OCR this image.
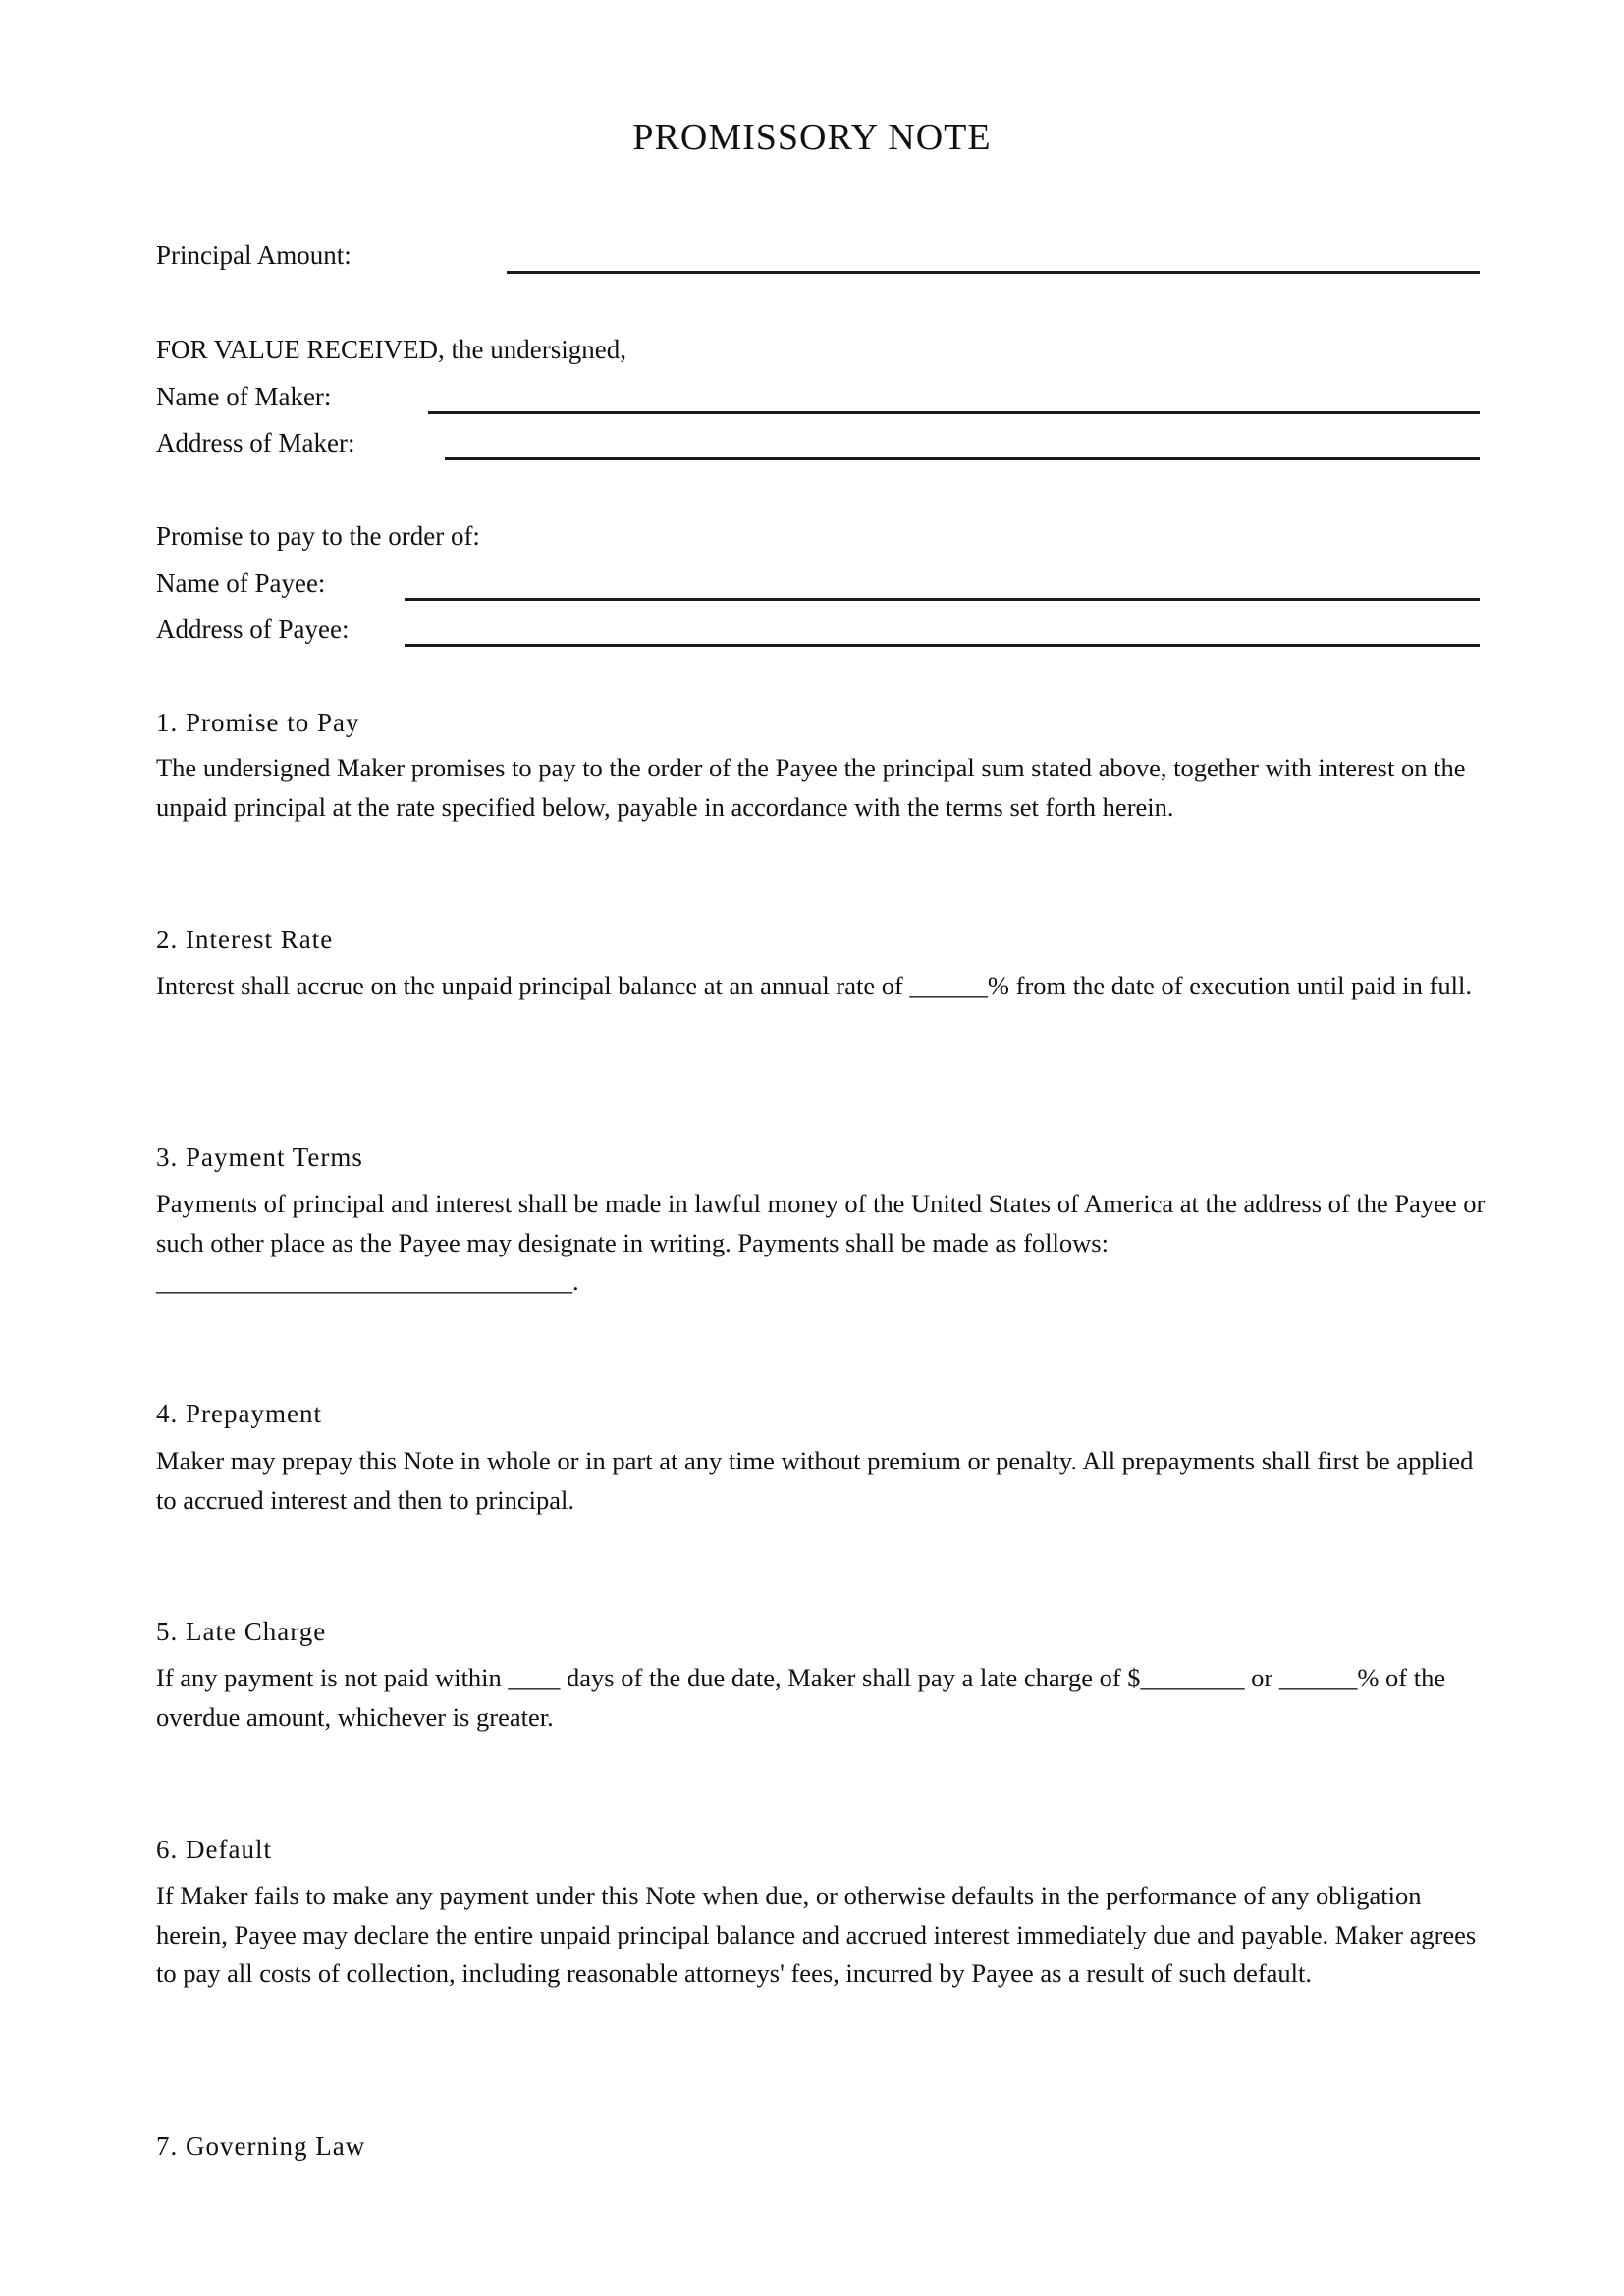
PROMISSORY NOTE
Principal Amount:
FOR VALUE RECEIVED, the undersigned,
Name of Maker:
Address of Maker:
Promise to pay to the order of:
Name of Payee:
Address of Payee:
1. Promise to Pay
The undersigned Maker promises to pay to the order of the Payee the principal sum stated above, together with interest on the unpaid principal at the rate specified below, payable in accordance with the terms set forth herein.
2. Interest Rate
Interest shall accrue on the unpaid principal balance at an annual rate of ______% from the date of execution until paid in full.
3. Payment Terms
Payments of principal and interest shall be made in lawful money of the United States of America at the address of the Payee or such other place as the Payee may designate in writing. Payments shall be made as follows: ________________________________.
4. Prepayment
Maker may prepay this Note in whole or in part at any time without premium or penalty. All prepayments shall first be applied to accrued interest and then to principal.
5. Late Charge
If any payment is not paid within ____ days of the due date, Maker shall pay a late charge of $________ or ______% of the overdue amount, whichever is greater.
6. Default
If Maker fails to make any payment under this Note when due, or otherwise defaults in the performance of any obligation herein, Payee may declare the entire unpaid principal balance and accrued interest immediately due and payable. Maker agrees to pay all costs of collection, including reasonable attorneys' fees, incurred by Payee as a result of such default.
7. Governing Law
